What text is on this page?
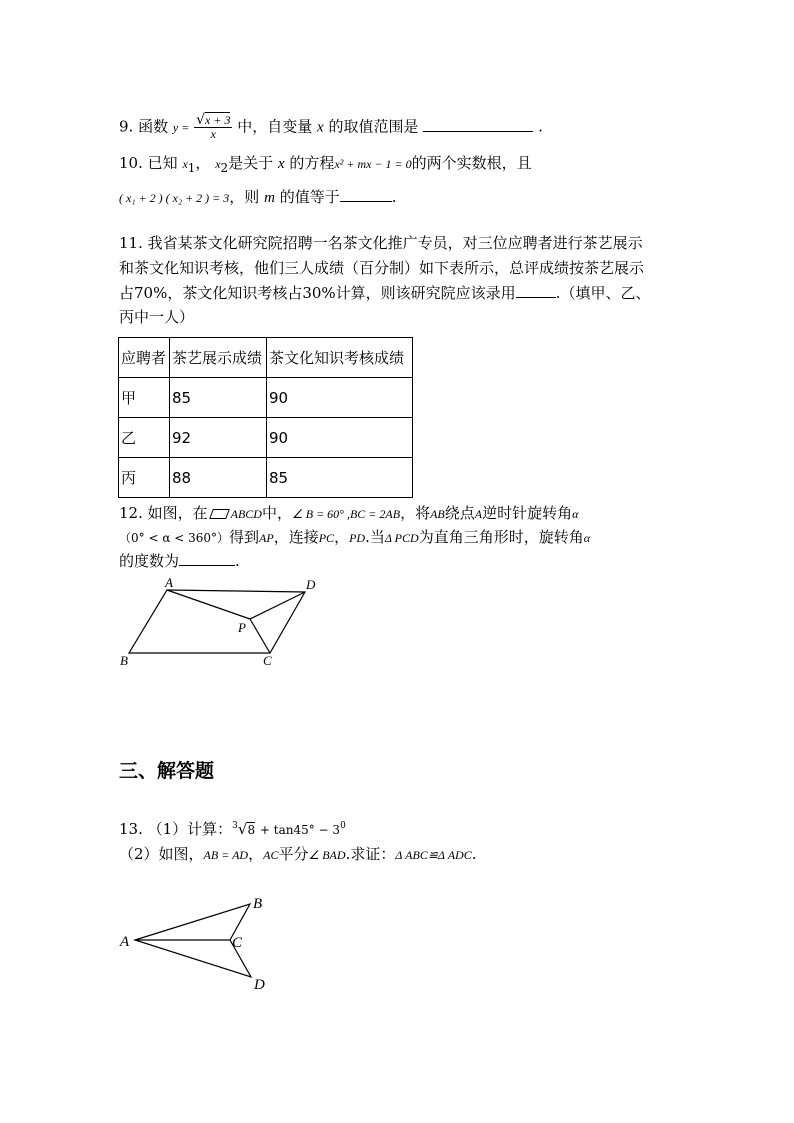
9. 函数 $y = \frac{√x + 3}{x}$ 中，自变量 x 的取值范围是	.
10. 已知 $x_1$， $x_2$是关于 x 的方程x² + mx − 1 = 0的两个实数根，且
( x₁ + 2 ) ( x₂ + 2 ) = 3，则 m 的值等于	.
11. 我省某茶文化研究院招聘一名茶文化推广专员，对三位应聘者进行茶艺展示
和茶文化知识考核，他们三人成绩（百分制）如下表所示，总评成绩按茶艺展示
占70%，茶文化知识考核占30%计算，则该研究院应该录用	.（填甲、乙、
丙中一人）
应聘者	茶艺展示成绩	茶文化知识考核成绩
甲	85	90
乙	92	90
丙	88	85
12. 如图，在 ABCD中，∠ B = 60° ,BC = 2AB，将AB绕点A逆时针旋转角α
（0° < α < 360°）得到AP，连接PC，PD.当Δ PCD为直角三角形时，旋转角α
的度数为	.
A
B	C
D
P
三、解答题
13. （1）计算：$^3√8 + \tan 45^\circ - 3^0$
（2）如图，AB = AD，AC平分∠ BAD.求证：Δ ABC≌Δ ADC.
A
B
C
D
